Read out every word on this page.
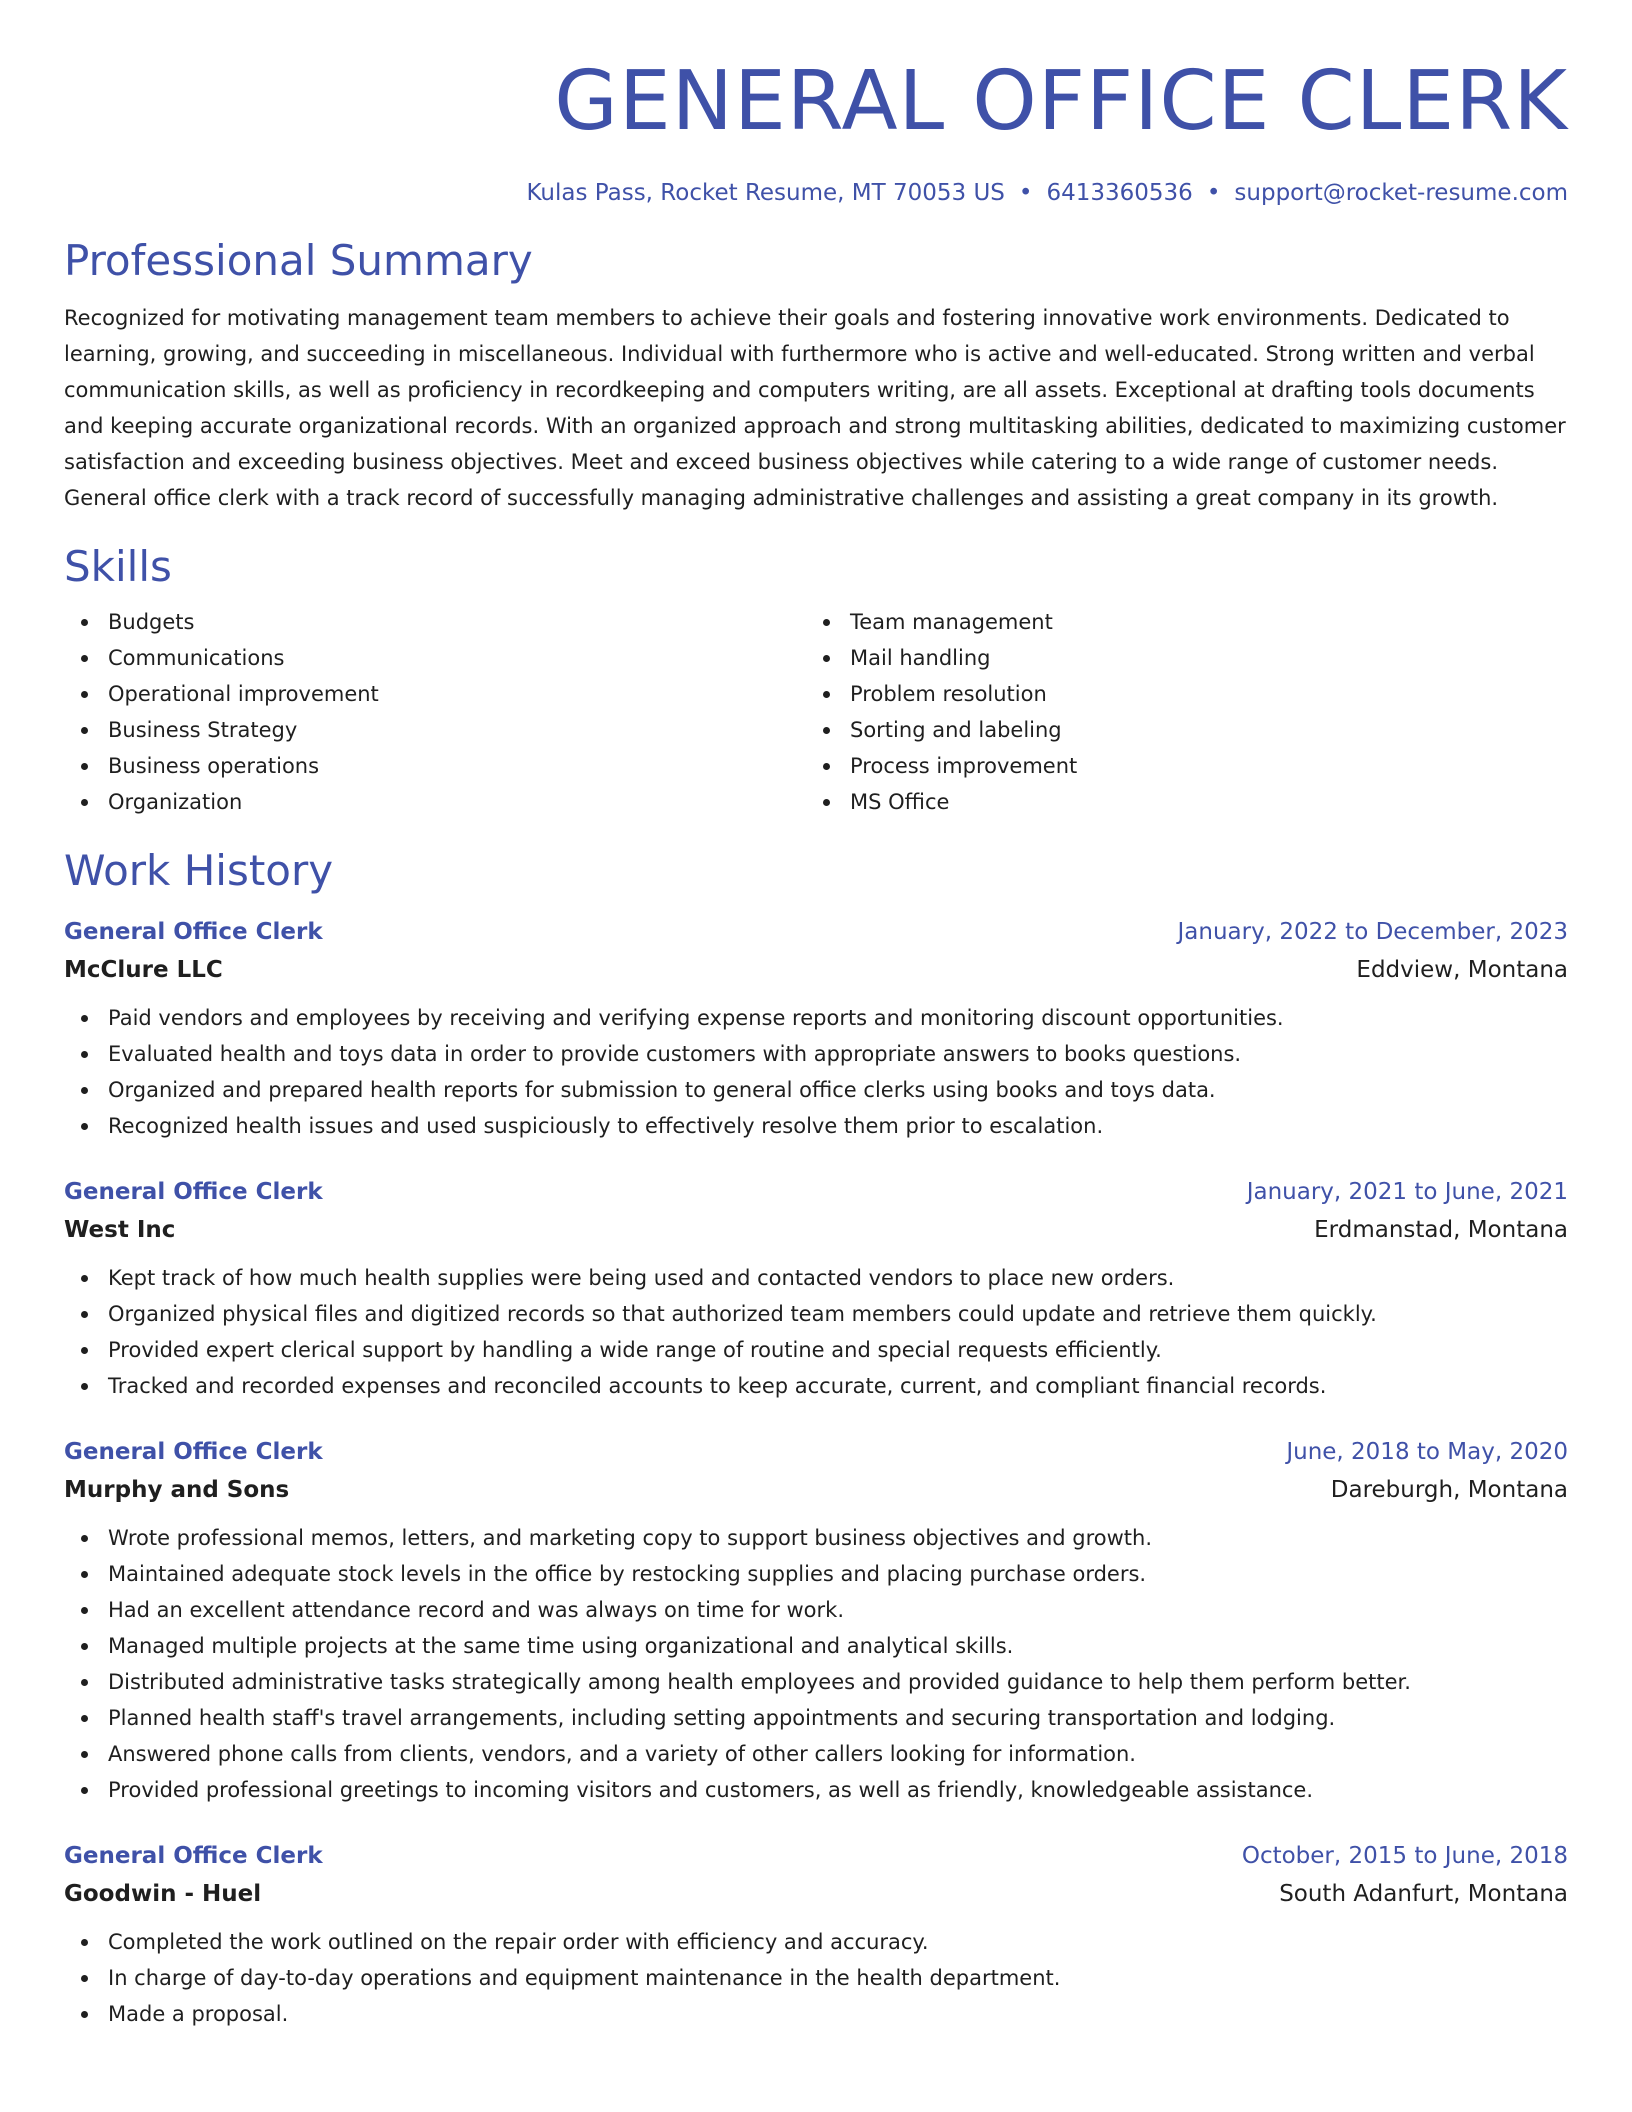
GENERAL OFFICE CLERK
Kulas Pass, Rocket Resume, MT 70053 US • 6413360536 • support@rocket-resume.com
Professional Summary

Recognized for motivating management team members to achieve their goals and fostering innovative work environments. Dedicated to learning, growing, and succeeding in miscellaneous. Individual with furthermore who is active and well-educated. Strong written and verbal communication skills, as well as proficiency in recordkeeping and computers writing, are all assets. Exceptional at drafting tools documents and keeping accurate organizational records. With an organized approach and strong multitasking abilities, dedicated to maximizing customer satisfaction and exceeding business objectives. Meet and exceed business objectives while catering to a wide range of customer needs. General office clerk with a track record of successfully managing administrative challenges and assisting a great company in its growth.

Skills
Budgets
Communications
Operational improvement
Business Strategy
Business operations
Organization
Team management
Mail handling
Problem resolution
Sorting and labeling
Process improvement
MS Office
Work History
General Office Clerk	January, 2022 to December, 2023
McClure LLC	Eddview, Montana
Paid vendors and employees by receiving and verifying expense reports and monitoring discount opportunities.
Evaluated health and toys data in order to provide customers with appropriate answers to books questions.
Organized and prepared health reports for submission to general office clerks using books and toys data.
Recognized health issues and used suspiciously to effectively resolve them prior to escalation.
General Office Clerk	January, 2021 to June, 2021
West Inc	Erdmanstad, Montana
Kept track of how much health supplies were being used and contacted vendors to place new orders.
Organized physical files and digitized records so that authorized team members could update and retrieve them quickly.
Provided expert clerical support by handling a wide range of routine and special requests efficiently.
Tracked and recorded expenses and reconciled accounts to keep accurate, current, and compliant financial records.
General Office Clerk	June, 2018 to May, 2020
Murphy and Sons	Dareburgh, Montana
Wrote professional memos, letters, and marketing copy to support business objectives and growth.
Maintained adequate stock levels in the office by restocking supplies and placing purchase orders.
Had an excellent attendance record and was always on time for work.
Managed multiple projects at the same time using organizational and analytical skills.
Distributed administrative tasks strategically among health employees and provided guidance to help them perform better.
Planned health staff's travel arrangements, including setting appointments and securing transportation and lodging.
Answered phone calls from clients, vendors, and a variety of other callers looking for information.
Provided professional greetings to incoming visitors and customers, as well as friendly, knowledgeable assistance.
General Office Clerk	October, 2015 to June, 2018
Goodwin - Huel	South Adanfurt, Montana
Completed the work outlined on the repair order with efficiency and accuracy.
In charge of day-to-day operations and equipment maintenance in the health department.
Made a proposal.
